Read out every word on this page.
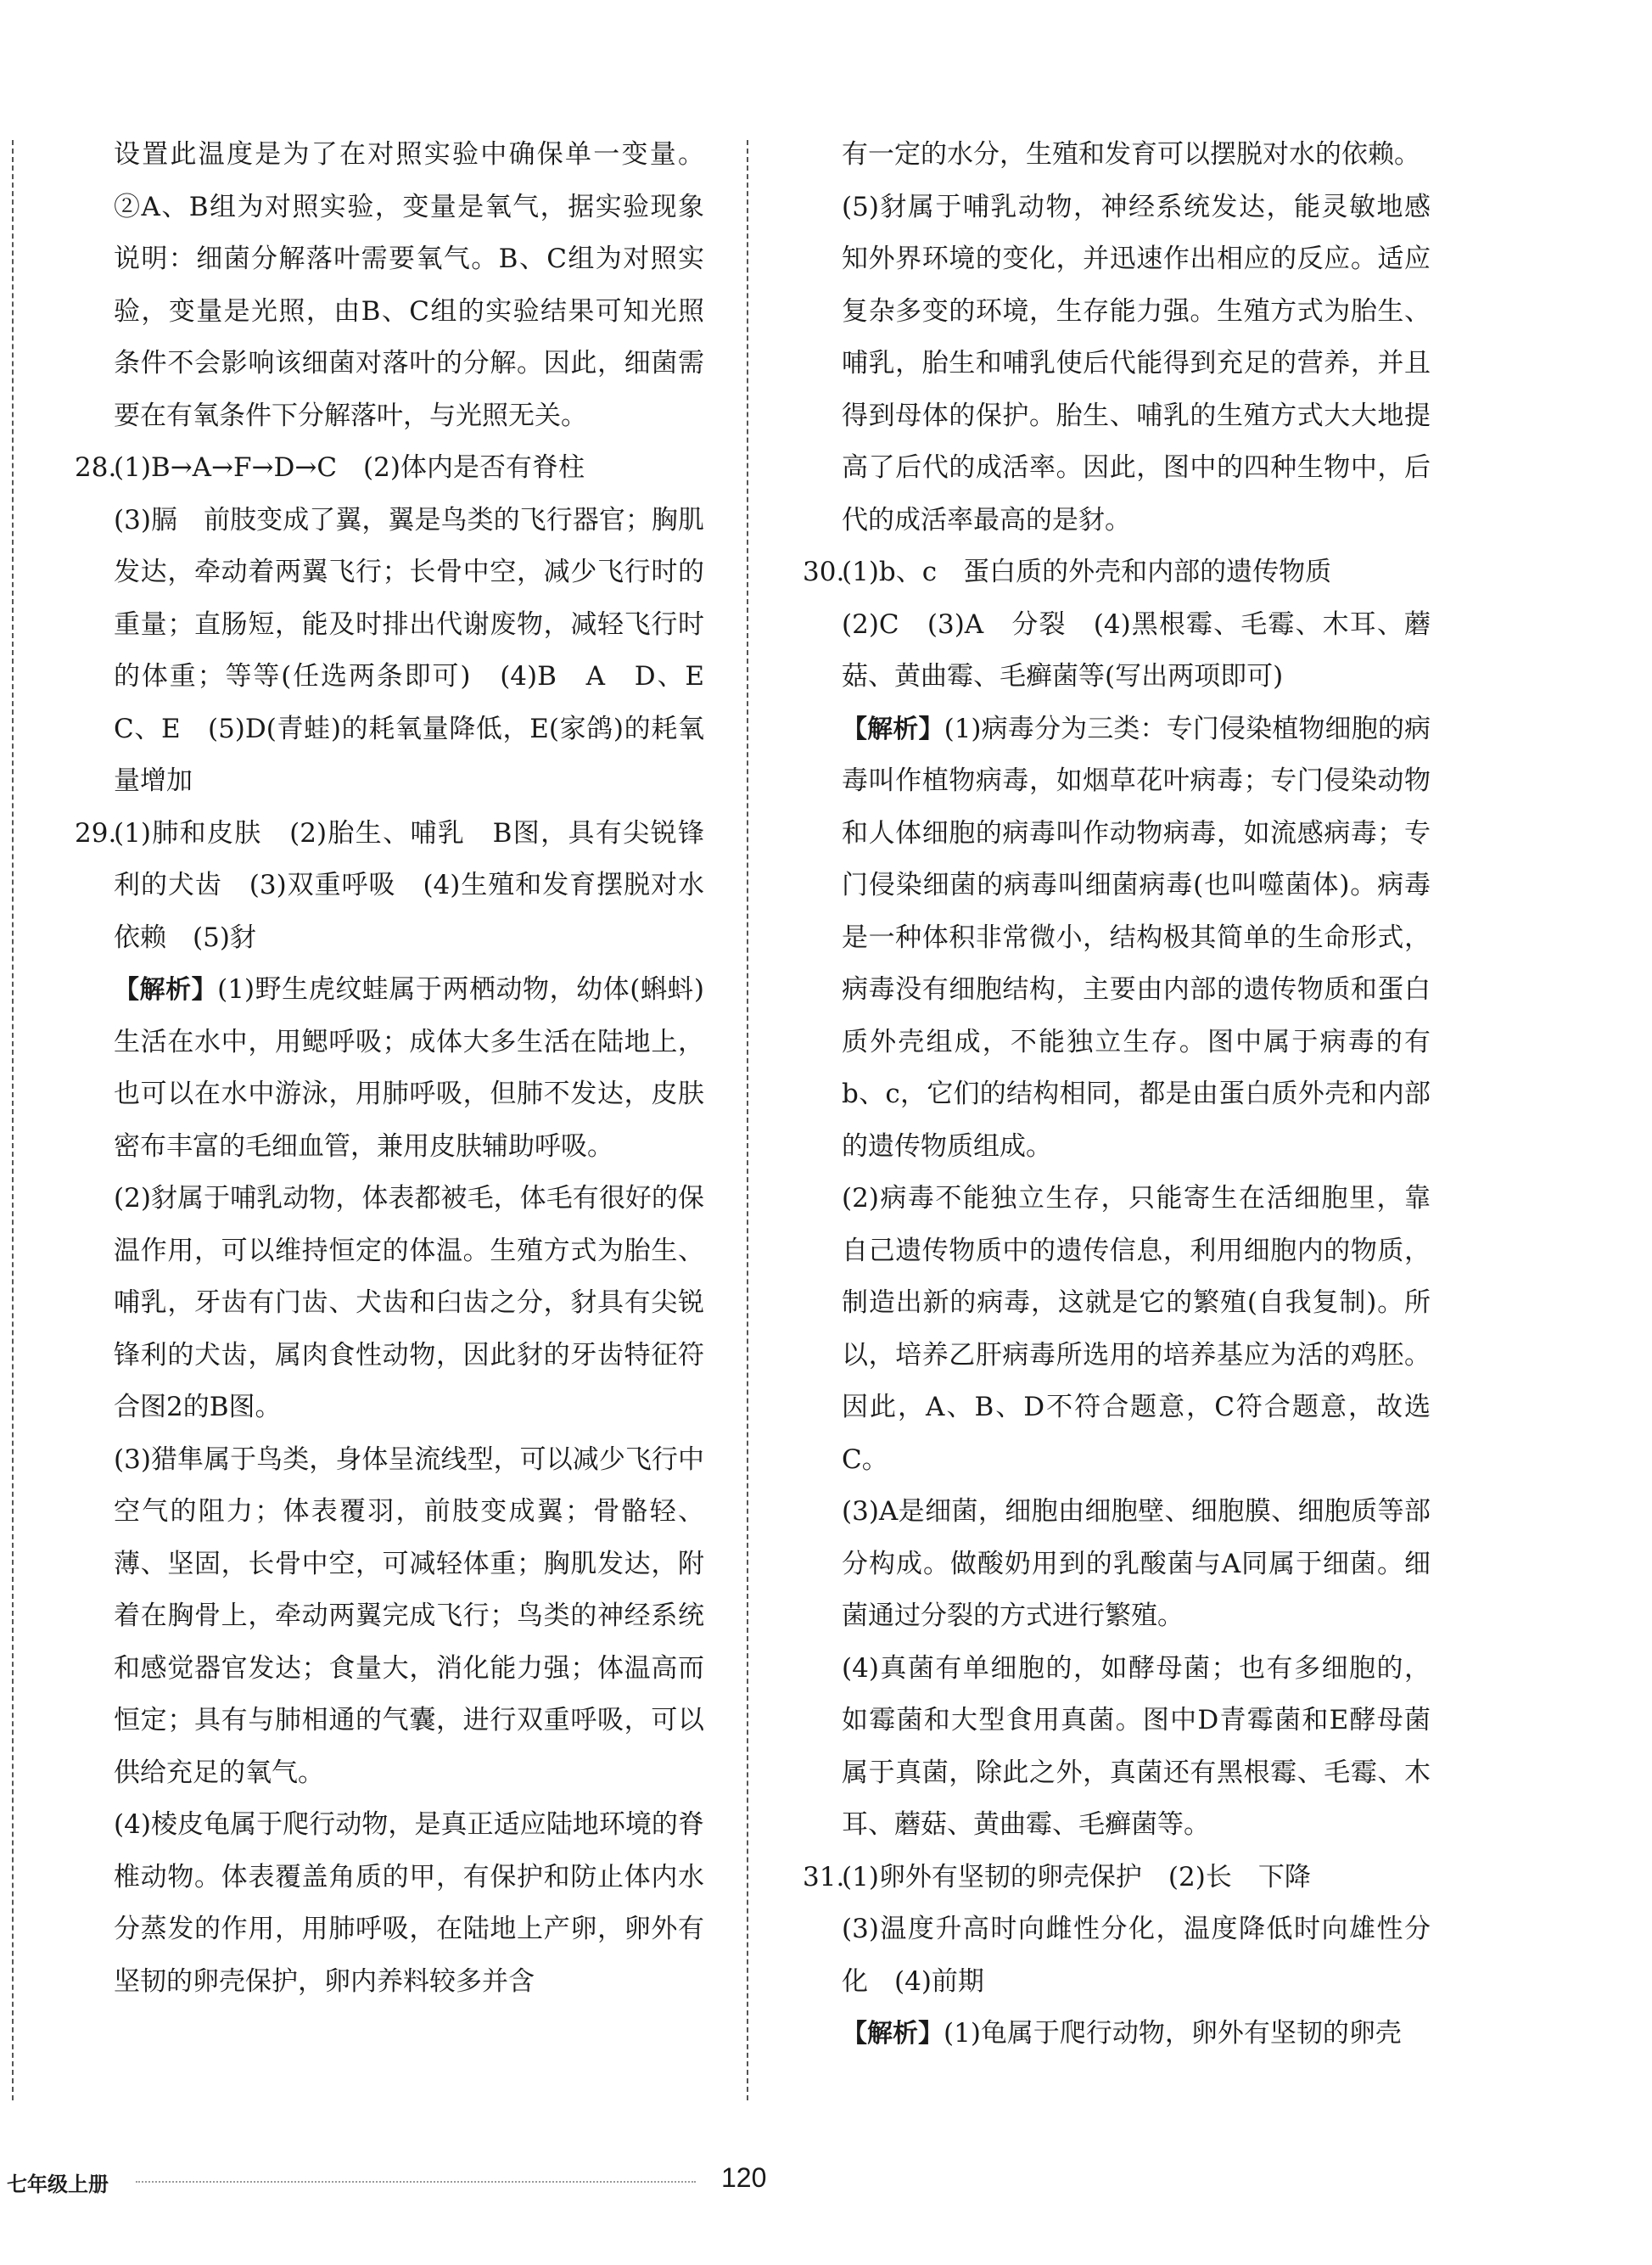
设置此温度是为了在对照实验中确保单一变量。②A、B组为对照实验，变量是氧气，据实验现象说明：细菌分解落叶需要氧气。B、C组为对照实验，变量是光照，由B、C组的实验结果可知光照条件不会影响该细菌对落叶的分解。因此，细菌需要在有氧条件下分解落叶，与光照无关。

28.(1)B→A→F→D→C　(2)体内是否有脊柱

(3)膈　前肢变成了翼，翼是鸟类的飞行器官；胸肌发达，牵动着两翼飞行；长骨中空，减少飞行时的重量；直肠短，能及时排出代谢废物，减轻飞行时的体重；等等(任选两条即可)　(4)B　A　D、E　C、E　(5)D(青蛙)的耗氧量降低，E(家鸽)的耗氧量增加

29.(1)肺和皮肤　(2)胎生、哺乳　B图，具有尖锐锋利的犬齿　(3)双重呼吸　(4)生殖和发育摆脱对水依赖　(5)豺

【解析】(1)野生虎纹蛙属于两栖动物，幼体(蝌蚪)生活在水中，用鳃呼吸；成体大多生活在陆地上，也可以在水中游泳，用肺呼吸，但肺不发达，皮肤密布丰富的毛细血管，兼用皮肤辅助呼吸。

(2)豺属于哺乳动物，体表都被毛，体毛有很好的保温作用，可以维持恒定的体温。生殖方式为胎生、哺乳，牙齿有门齿、犬齿和臼齿之分，豺具有尖锐锋利的犬齿，属肉食性动物，因此豺的牙齿特征符合图2的B图。

(3)猎隼属于鸟类，身体呈流线型，可以减少飞行中空气的阻力；体表覆羽，前肢变成翼；骨骼轻、薄、坚固，长骨中空，可减轻体重；胸肌发达，附着在胸骨上，牵动两翼完成飞行；鸟类的神经系统和感觉器官发达；食量大，消化能力强；体温高而恒定；具有与肺相通的气囊，进行双重呼吸，可以供给充足的氧气。

(4)棱皮龟属于爬行动物，是真正适应陆地环境的脊椎动物。体表覆盖角质的甲，有保护和防止体内水分蒸发的作用，用肺呼吸，在陆地上产卵，卵外有坚韧的卵壳保护，卵内养料较多并含

有一定的水分，生殖和发育可以摆脱对水的依赖。

(5)豺属于哺乳动物，神经系统发达，能灵敏地感知外界环境的变化，并迅速作出相应的反应。适应复杂多变的环境，生存能力强。生殖方式为胎生、哺乳，胎生和哺乳使后代能得到充足的营养，并且得到母体的保护。胎生、哺乳的生殖方式大大地提高了后代的成活率。因此，图中的四种生物中，后代的成活率最高的是豺。

30.(1)b、c　蛋白质的外壳和内部的遗传物质

(2)C　(3)A　分裂　(4)黑根霉、毛霉、木耳、蘑菇、黄曲霉、毛癣菌等(写出两项即可)

【解析】(1)病毒分为三类：专门侵染植物细胞的病毒叫作植物病毒，如烟草花叶病毒；专门侵染动物和人体细胞的病毒叫作动物病毒，如流感病毒；专门侵染细菌的病毒叫细菌病毒(也叫噬菌体)。病毒是一种体积非常微小，结构极其简单的生命形式，病毒没有细胞结构，主要由内部的遗传物质和蛋白质外壳组成，不能独立生存。图中属于病毒的有b、c，它们的结构相同，都是由蛋白质外壳和内部的遗传物质组成。

(2)病毒不能独立生存，只能寄生在活细胞里，靠自己遗传物质中的遗传信息，利用细胞内的物质，制造出新的病毒，这就是它的繁殖(自我复制)。所以，培养乙肝病毒所选用的培养基应为活的鸡胚。因此，A、B、D不符合题意，C符合题意，故选C。

(3)A是细菌，细胞由细胞壁、细胞膜、细胞质等部分构成。做酸奶用到的乳酸菌与A同属于细菌。细菌通过分裂的方式进行繁殖。

(4)真菌有单细胞的，如酵母菌；也有多细胞的，如霉菌和大型食用真菌。图中D青霉菌和E酵母菌属于真菌，除此之外，真菌还有黑根霉、毛霉、木耳、蘑菇、黄曲霉、毛癣菌等。

31.(1)卵外有坚韧的卵壳保护　(2)长　下降

(3)温度升高时向雌性分化，温度降低时向雄性分化　(4)前期

【解析】(1)龟属于爬行动物，卵外有坚韧的卵壳

七年级上册	120
